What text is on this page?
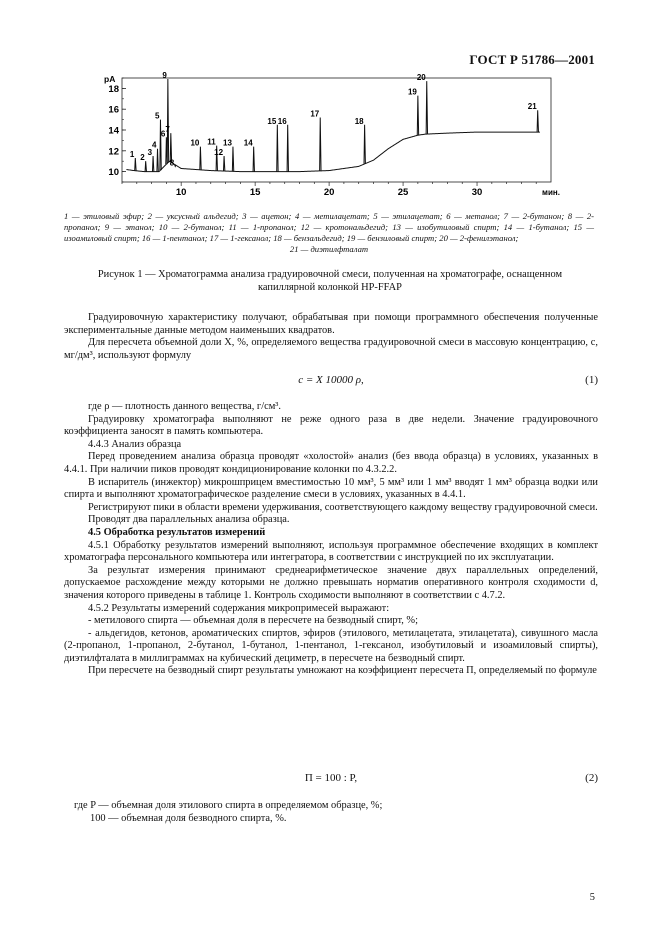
ГОСТ Р 51786—2001
10
12
14
16
18
pA
10	15	20	25	30	мин.
1 2
3
4
5
6 7
8
9
10 11
12
13 14
15 16
17
18
19
20
21
1 — этиловый эфир; 2 — уксусный альдегид; 3 — ацетон; 4 — метилацетат; 5 — этилацетат; 6 — метанол; 7 — 2-бутанон; 8 — 2-пропанол; 9 — этанол; 10 — 2-бутанол; 11 — 1-пропанол; 12 — кротональдегид; 13 — изобутиловый спирт; 14 — 1-бутанол; 15 — изоамиловый спирт; 16 — 1-пентанол; 17 — 1-гексанол; 18 — бензальдегид; 19 — бензиловый спирт; 20 — 2-фенилэтанол;
21 — диэтилфталат
Рисунок 1 — Хроматограмма анализа градуировочной смеси, полученная на хроматографе, оснащенном
капиллярной колонкой HP-FFAP

Градуировочную характеристику получают, обрабатывая при помощи программного обеспечения полученные экспериментальные данные методом наименьших квадратов.

Для пересчета объемной доли X, %, определяемого вещества градуировочной смеси в массовую концентрацию, c, мг/дм³, используют формулу

c = X 10000 ρ,	(1)

где ρ — плотность данного вещества, г/см³.

Градуировку хроматографа выполняют не реже одного раза в две недели. Значение градуировочного коэффициента заносят в память компьютера.

4.4.3 Анализ образца

Перед проведением анализа образца проводят «холостой» анализ (без ввода образца) в условиях, указанных в 4.4.1. При наличии пиков проводят кондиционирование колонки по 4.3.2.2.

В испаритель (инжектор) микрошприцем вместимостью 10 мм³, 5 мм³ или 1 мм³ вводят 1 мм³ образца водки или спирта и выполняют хроматографическое разделение смеси в условиях, указанных в 4.4.1.

Регистрируют пики в области времени удерживания, соответствующего каждому веществу градуировочной смеси.

Проводят два параллельных анализа образца.

4.5 Обработка результатов измерений

4.5.1 Обработку результатов измерений выполняют, используя программное обеспечение входящих в комплект хроматографа персонального компьютера или интегратора, в соответствии с инструкцией по их эксплуатации.

За результат измерения принимают среднеарифметическое значение двух параллельных определений, допускаемое расхождение между которыми не должно превышать норматив оперативного контроля сходимости d, значения которого приведены в таблице 1. Контроль сходимости выполняют в соответствии с 4.7.2.

4.5.2 Результаты измерений содержания микропримесей выражают:

- метилового спирта — объемная доля в пересчете на безводный спирт, %;

- альдегидов, кетонов, ароматических спиртов, эфиров (этилового, метилацетата, этилацетата), сивушного масла (2-пропанол, 1-пропанол, 2-бутанол, 1-бутанол, 1-пентанол, 1-гексанол, изобутиловый и изоамиловый спирты), диэтилфталата в миллиграммах на кубический дециметр, в пересчете на безводный спирт.

При пересчете на безводный спирт результаты умножают на коэффициент пересчета П, определяемый по формуле

П = 100 : P,	(2)
где P — объемная доля этилового спирта в определяемом образце, %;
100 — объемная доля безводного спирта, %.
5
